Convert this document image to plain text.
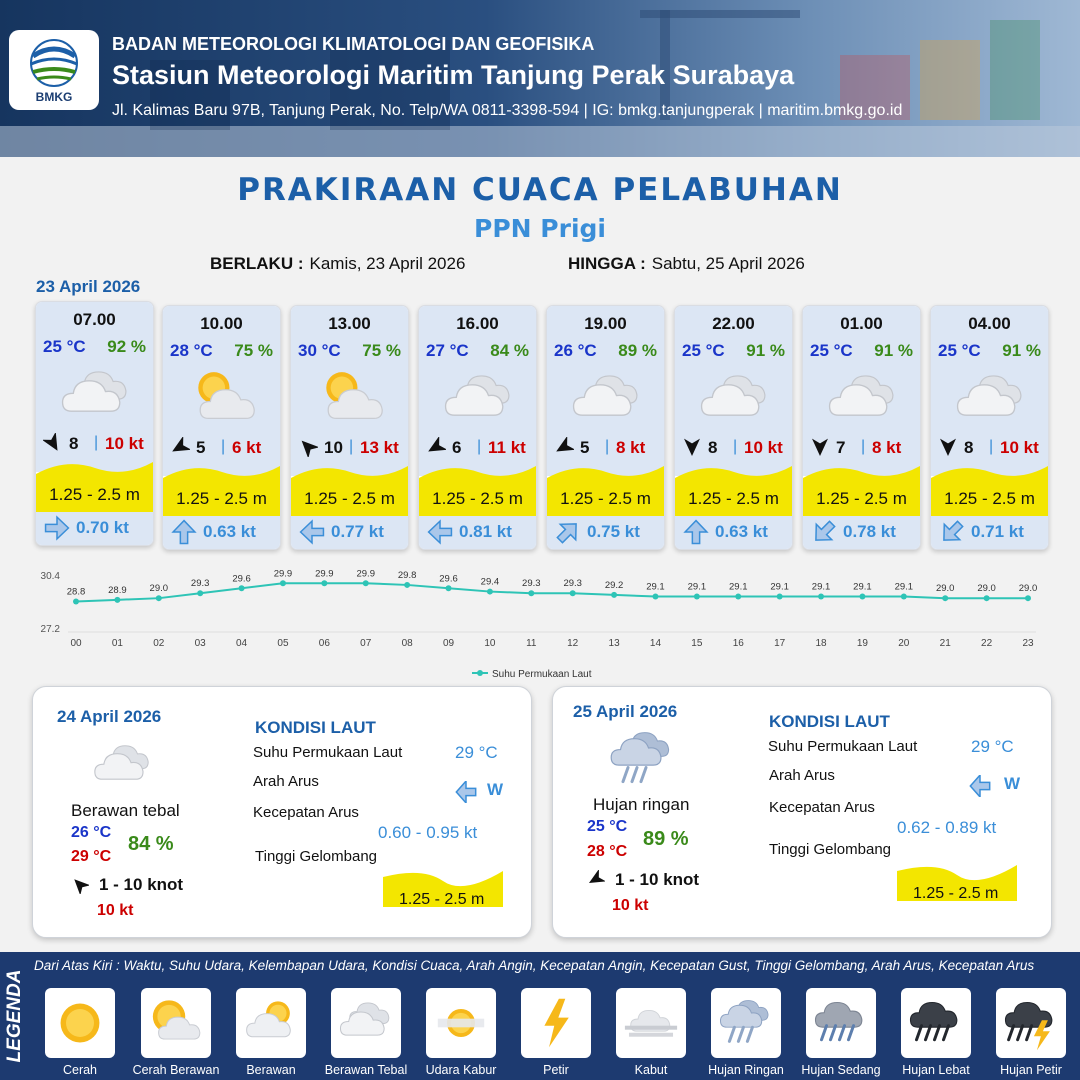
BMKG
BADAN METEOROLOGI KLIMATOLOGI DAN GEOFISIKA
Stasiun Meteorologi Maritim Tanjung Perak Surabaya
Jl. Kalimas Baru 97B, Tanjung Perak, No. Telp/WA 0811-3398-594 | IG: bmkg.tanjungperak | maritim.bmkg.go.id
PRAKIRAAN CUACA PELABUHAN
PPN Prigi
BERLAKU : Kamis, 23 April 2026	HINGGA : Sabtu, 25 April 2026
23 April 2026
07.00
25 °C 92 %
8 | 10 kt
1.25 - 2.5 m
0.70 kt
10.00
28 °C 75 %
5 | 6 kt
1.25 - 2.5 m
0.63 kt
13.00
30 °C 75 %
10 | 13 kt
1.25 - 2.5 m
0.77 kt
16.00
27 °C 84 %
6 | 11 kt
1.25 - 2.5 m
0.81 kt
19.00
26 °C 89 %
5 | 8 kt
1.25 - 2.5 m
0.75 kt
22.00
25 °C 91 %
8 | 10 kt
1.25 - 2.5 m
0.63 kt
01.00
25 °C 91 %
7 | 8 kt
1.25 - 2.5 m
0.78 kt
04.00
25 °C 91 %
8 | 10 kt
1.25 - 2.5 m
0.71 kt
30.4
27.2
28.8
00
28.9
01
29.0
02
29.3
03
29.6
04
29.9
05
29.9
06
29.9
07
29.8
08
29.6
09
29.4
10
29.3
11
29.3
12
29.2
13
29.1
14
29.1
15
29.1
16
29.1
17
29.1
18
29.1
19
29.1
20
29.0
21
29.0
22
29.0
23
Suhu Permukaan Laut
24 April 2026
Berawan tebal
26 °C
29 °C
84 %
1 - 10 knot
10 kt
KONDISI LAUT
Suhu Permukaan Laut	29 °C
Arah Arus	W
Kecepatan Arus
0.60 - 0.95 kt
Tinggi Gelombang
1.25 - 2.5 m
25 April 2026
Hujan ringan
25 °C
28 °C
89 %
1 - 10 knot
10 kt
KONDISI LAUT
Suhu Permukaan Laut	29 °C
Arah Arus	W
Kecepatan Arus
0.62 - 0.89 kt
Tinggi Gelombang
1.25 - 2.5 m
LEGENDA
Dari Atas Kiri : Waktu, Suhu Udara, Kelembapan Udara, Kondisi Cuaca, Arah Angin, Kecepatan Angin, Kecepatan Gust, Tinggi Gelombang, Arah Arus, Kecepatan Arus
Cerah	Cerah Berawan	Berawan	Berawan Tebal	Udara Kabur	Petir	Kabut	Hujan Ringan	Hujan Sedang	Hujan Lebat	Hujan Petir
